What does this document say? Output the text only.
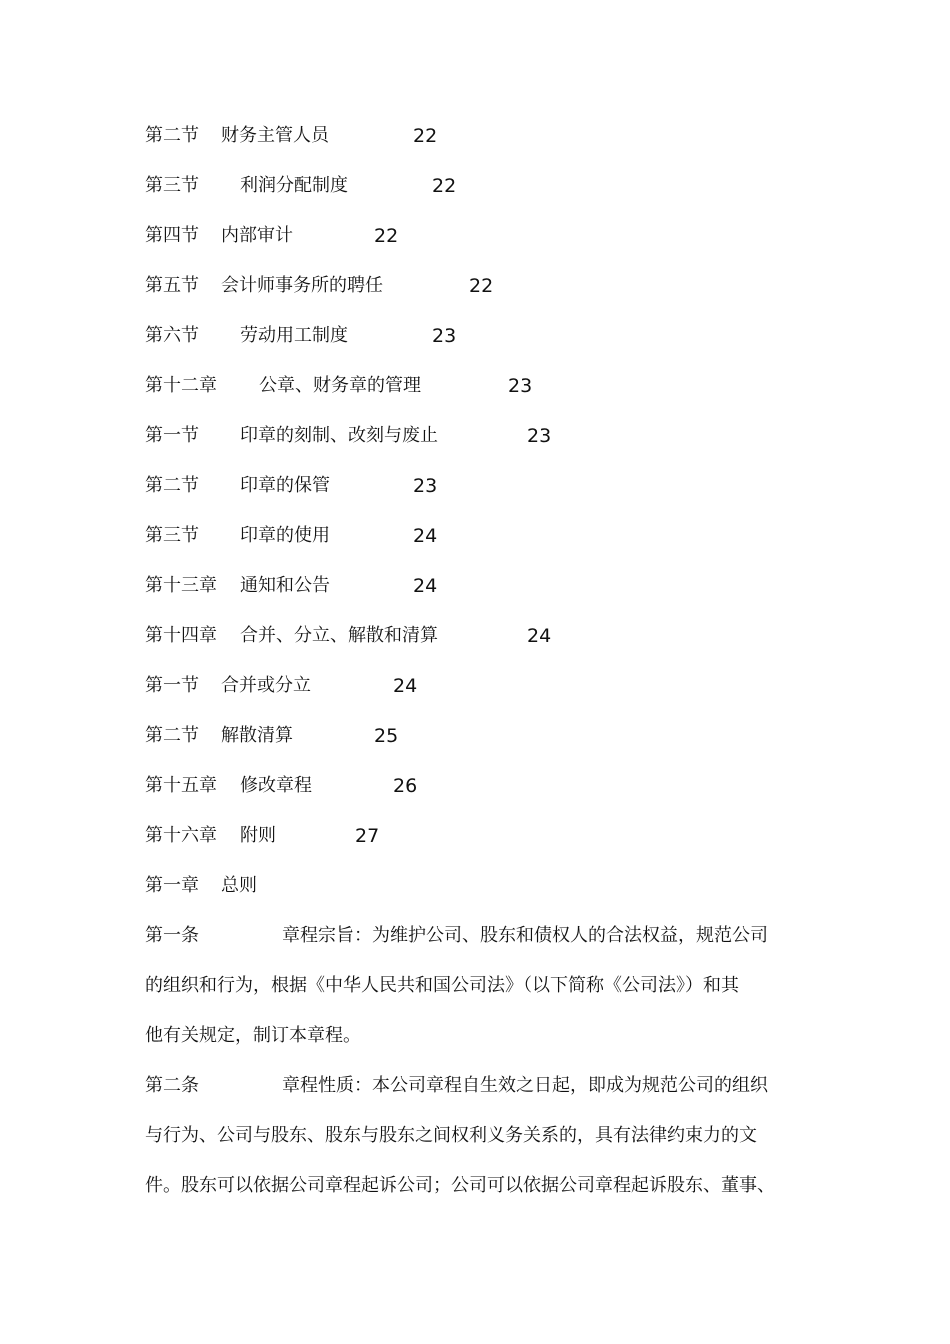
第二节 财务主管人员	22
第三节 利润分配制度	22
第四节 内部审计	22
第五节 会计师事务所的聘任	22
第六节 劳动用工制度	23
第十二章 公章、财务章的管理	23
第一节 印章的刻制、改刻与废止	23
第二节 印章的保管	23
第三节 印章的使用	24
第十三章 通知和公告	24
第十四章 合并、分立、解散和清算	24
第一节 合并或分立	24
第二节 解散清算	25
第十五章 修改章程	26
第十六章 附则	27
第一章 总则
第一条	章程宗旨：为维护公司、股东和债权人的合法权益，规范公司
的组织和行为，根据《中华人民共和国公司法》（以下简称《公司法》）和其
他有关规定，制订本章程。
第二条	章程性质：本公司章程自生效之日起，即成为规范公司的组织
与行为、公司与股东、股东与股东之间权利义务关系的，具有法律约束力的文
件。股东可以依据公司章程起诉公司；公司可以依据公司章程起诉股东、董事、
